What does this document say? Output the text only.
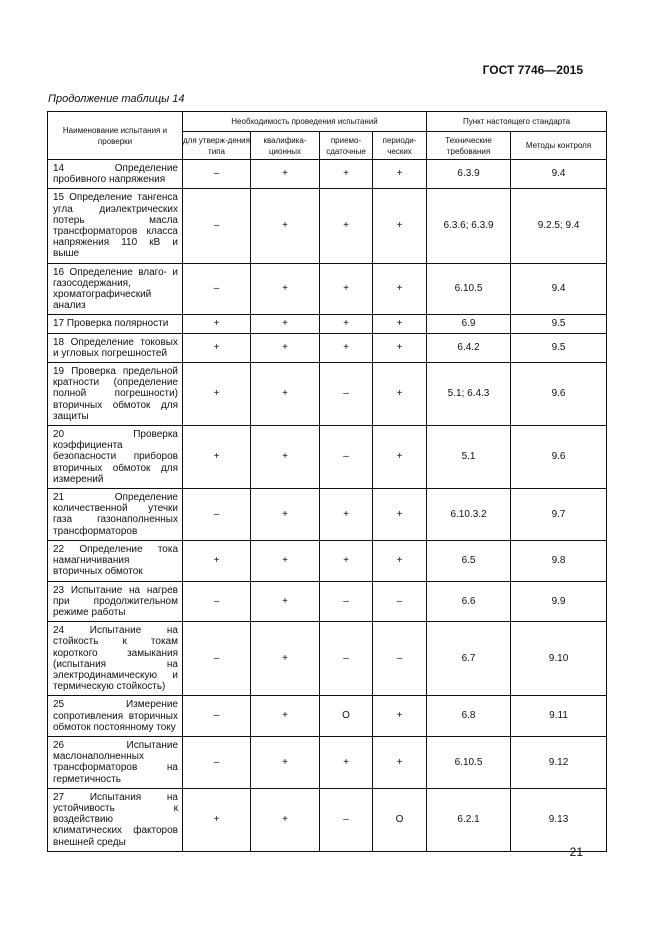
ГОСТ 7746—2015
Продолжение таблицы 14
Наименование испытания и проверки	Необходимость проведения испытаний				Пункт настоящего стандарта	
	для утверж-дения типа	квалифика-ционных	приемо-сдаточные	периоди-ческих	Технические требования	Методы контроля
14 Определение пробивного напряжения	–	+	+	+	6.3.9	9.4
15 Определение тангенса угла диэлектрических потерь масла трансформаторов класса напряжения 110 кВ и выше	–	+	+	+	6.3.6; 6.3.9	9.2.5; 9.4
16 Определение влаго- и газосодержания, хроматографический анализ	–	+	+	+	6.10.5	9.4
17 Проверка полярности	+	+	+	+	6.9	9.5
18 Определение токовых и угловых погрешностей	+	+	+	+	6.4.2	9.5
19 Проверка предельной кратности (определение полной погрешности) вторичных обмоток для защиты	+	+	–	+	5.1; 6.4.3	9.6
20 Проверка коэффициента безопасности приборов вторичных обмоток для измерений	+	+	–	+	5.1	9.6
21 Определение количественной утечки газа газонаполненных трансформаторов	–	+	+	+	6.10.3.2	9.7
22 Определение тока намагничивания вторичных обмоток	+	+	+	+	6.5	9.8
23 Испытание на нагрев при продолжительном режиме работы	–	+	–	–	6.6	9.9
24 Испытание на стойкость к токам короткого замыкания (испытания на электродинамическую и термическую стойкость)	–	+	–	–	6.7	9.10
25 Измерение сопротивления вторичных обмоток постоянному току	–	+	О	+	6.8	9.11
26 Испытание маслонаполненных трансформаторов на герметичность	–	+	+	+	6.10.5	9.12
27 Испытания на устойчивость к воздействию климатических факторов внешней среды	+	+	–	О	6.2.1	9.13
21
